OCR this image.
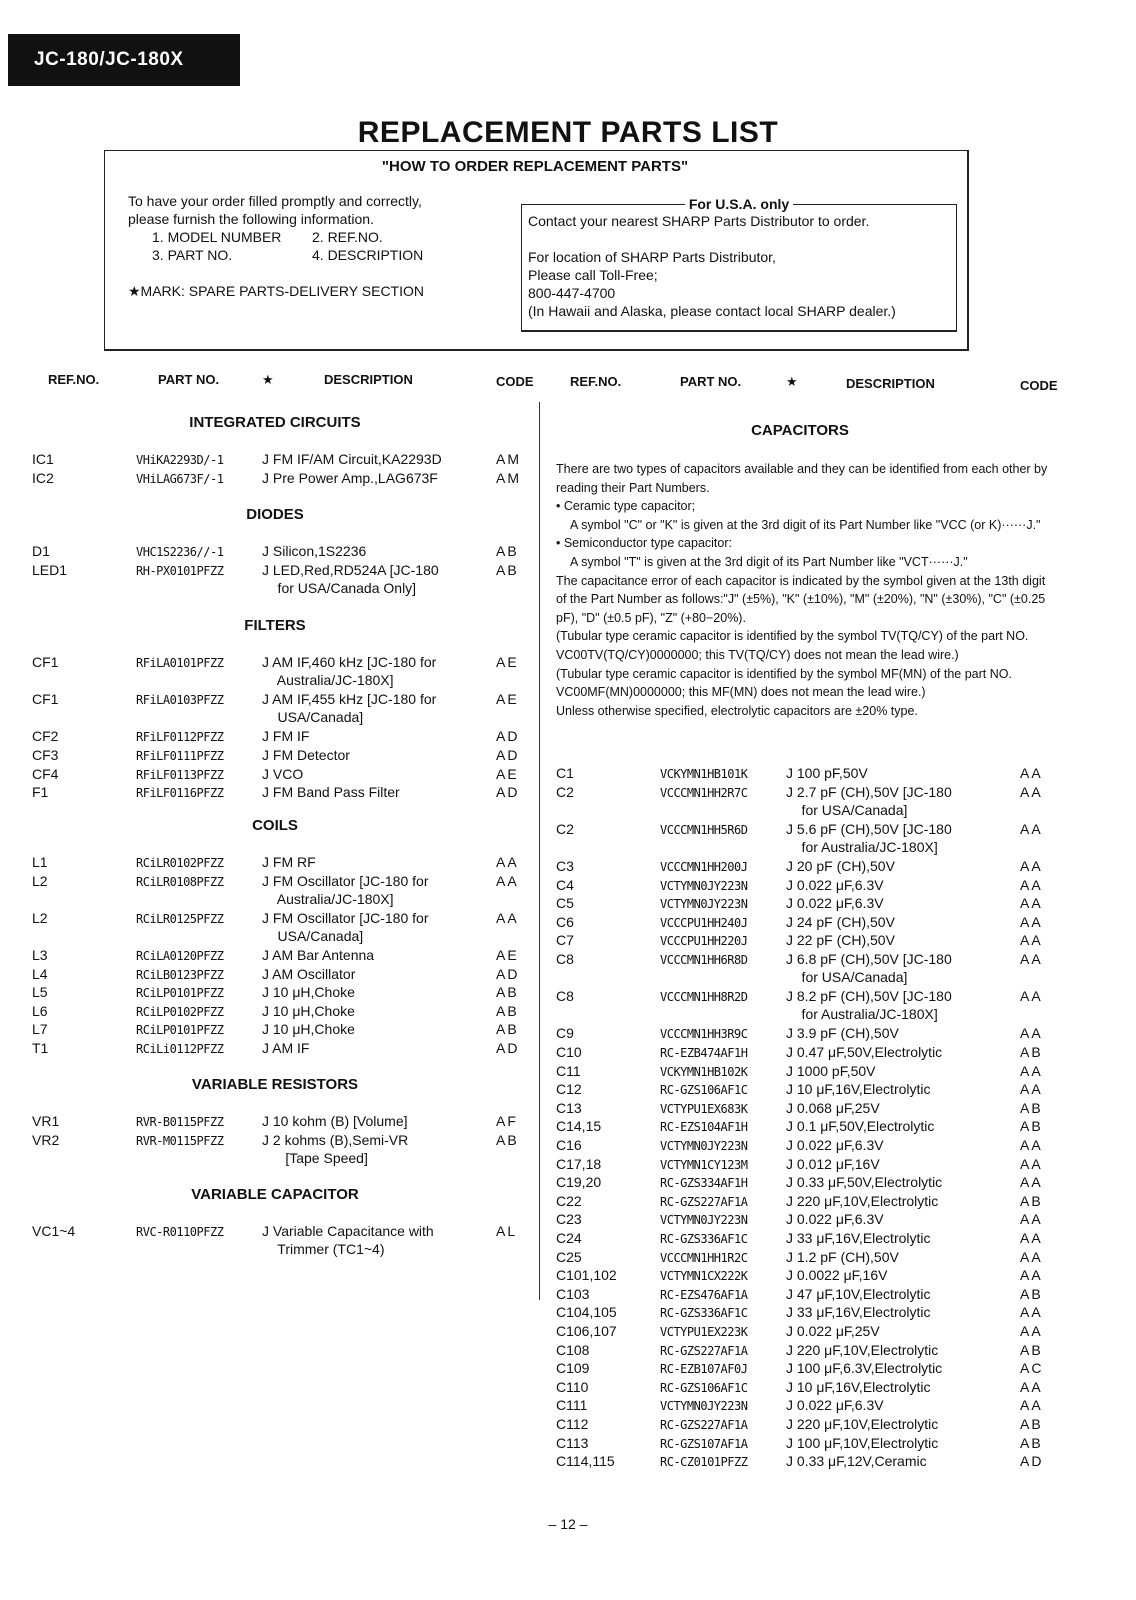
JC-180/JC-180X
REPLACEMENT PARTS LIST
"HOW TO ORDER REPLACEMENT PARTS"
To have your order filled promptly and correctly,
please furnish the following information.
1. MODEL NUMBER 2. REF.NO.
3. PART NO.	4. DESCRIPTION
★MARK: SPARE PARTS-DELIVERY SECTION
For U.S.A. only
Contact your nearest SHARP Parts Distributor to order.
For location of SHARP Parts Distributor,
Please call Toll-Free;
800-447-4700
(In Hawaii and Alaska, please contact local SHARP dealer.)
REF.NO.	PART NO.	★	DESCRIPTION	CODE	REF.NO.	PART NO.	★	DESCRIPTION	CODE
INTEGRATED CIRCUITS
IC1	VHiKA2293D/-1	J FM IF/AM Circuit,KA2293D	AM
IC2	VHiLAG673F/-1	J Pre Power Amp.,LAG673F	AM
DIODES
D1	VHC1S2236//-1	J Silicon,1S2236	AB
LED1	RH-PX0101PFZZ	J LED,Red,RD524A [JC-180
for USA/Canada Only]
AB
FILTERS
CF1	RFiLA0101PFZZ	J AM IF,460 kHz [JC-180 for
Australia/JC-180X]
AE
CF1	RFiLA0103PFZZ	J AM IF,455 kHz [JC-180 for
USA/Canada]
AE
CF2	RFiLF0112PFZZ	J FM IF	AD
CF3	RFiLF0111PFZZ	J FM Detector	AD
CF4	RFiLF0113PFZZ	J VCO	AE
F1	RFiLF0116PFZZ	J FM Band Pass Filter	AD
COILS
L1	RCiLR0102PFZZ	J FM RF	AA
L2	RCiLR0108PFZZ	J FM Oscillator [JC-180 for
Australia/JC-180X]
AA
L2	RCiLR0125PFZZ	J FM Oscillator [JC-180 for
USA/Canada]
AA
L3	RCiLA0120PFZZ	J AM Bar Antenna	AE
L4	RCiLB0123PFZZ	J AM Oscillator	AD
L5	RCiLP0101PFZZ	J 10 μH,Choke	AB
L6	RCiLP0102PFZZ	J 10 μH,Choke	AB
L7	RCiLP0101PFZZ	J 10 μH,Choke	AB
T1	RCiLi0112PFZZ	J AM IF	AD
VARIABLE RESISTORS
VR1	RVR-B0115PFZZ	J 10 kohm (B) [Volume]	AF
VR2	RVR-M0115PFZZ	J 2 kohms (B),Semi-VR
[Tape Speed]
AB
VARIABLE CAPACITOR
VC1~4	RVC-R0110PFZZ	J Variable Capacitance with
Trimmer (TC1~4)
AL
CAPACITORS

There are two types of capacitors available and they can be identified from each other by reading their Part Numbers.

• Ceramic type capacitor;

A symbol "C" or "K" is given at the 3rd digit of its Part Number like "VCC (or K)······J."

• Semiconductor type capacitor:

A symbol "T" is given at the 3rd digit of its Part Number like "VCT······J."

The capacitance error of each capacitor is indicated by the symbol given at the 13th digit of the Part Number as follows:"J" (±5%), "K" (±10%), "M" (±20%), "N" (±30%), "C" (±0.25 pF), "D" (±0.5 pF), "Z" (+80−20%).

(Tubular type ceramic capacitor is identified by the symbol TV(TQ/CY) of the part NO. VC00TV(TQ/CY)0000000; this TV(TQ/CY) does not mean the lead wire.)

(Tubular type ceramic capacitor is identified by the symbol MF(MN) of the part NO. VC00MF(MN)0000000; this MF(MN) does not mean the lead wire.)

Unless otherwise specified, electrolytic capacitors are ±20% type.

C1	VCKYMN1HB101K	J 100 pF,50V	AA
C2	VCCCMN1HH2R7C	J 2.7 pF (CH),50V [JC-180
for USA/Canada]
AA
C2	VCCCMN1HH5R6D	J 5.6 pF (CH),50V [JC-180
for Australia/JC-180X]
AA
C3	VCCCMN1HH200J	J 20 pF (CH),50V	AA
C4	VCTYMN0JY223N	J 0.022 μF,6.3V	AA
C5	VCTYMN0JY223N	J 0.022 μF,6.3V	AA
C6	VCCCPU1HH240J	J 24 pF (CH),50V	AA
C7	VCCCPU1HH220J	J 22 pF (CH),50V	AA
C8	VCCCMN1HH6R8D	J 6.8 pF (CH),50V [JC-180
for USA/Canada]
AA
C8	VCCCMN1HH8R2D	J 8.2 pF (CH),50V [JC-180
for Australia/JC-180X]
AA
C9	VCCCMN1HH3R9C	J 3.9 pF (CH),50V	AA
C10	RC-EZB474AF1H	J 0.47 μF,50V,Electrolytic	AB
C11	VCKYMN1HB102K	J 1000 pF,50V	AA
C12	RC-GZS106AF1C	J 10 μF,16V,Electrolytic	AA
C13	VCTYPU1EX683K	J 0.068 μF,25V	AB
C14,15	RC-EZS104AF1H	J 0.1 μF,50V,Electrolytic	AB
C16	VCTYMN0JY223N	J 0.022 μF,6.3V	AA
C17,18	VCTYMN1CY123M	J 0.012 μF,16V	AA
C19,20	RC-GZS334AF1H	J 0.33 μF,50V,Electrolytic	AA
C22	RC-GZS227AF1A	J 220 μF,10V,Electrolytic	AB
C23	VCTYMN0JY223N	J 0.022 μF,6.3V	AA
C24	RC-GZS336AF1C	J 33 μF,16V,Electrolytic	AA
C25	VCCCMN1HH1R2C	J 1.2 pF (CH),50V	AA
C101,102	VCTYMN1CX222K	J 0.0022 μF,16V	AA
C103	RC-EZS476AF1A	J 47 μF,10V,Electrolytic	AB
C104,105	RC-GZS336AF1C	J 33 μF,16V,Electrolytic	AA
C106,107	VCTYPU1EX223K	J 0.022 μF,25V	AA
C108	RC-GZS227AF1A	J 220 μF,10V,Electrolytic	AB
C109	RC-EZB107AF0J	J 100 μF,6.3V,Electrolytic	AC
C110	RC-GZS106AF1C	J 10 μF,16V,Electrolytic	AA
C111	VCTYMN0JY223N	J 0.022 μF,6.3V	AA
C112	RC-GZS227AF1A	J 220 μF,10V,Electrolytic	AB
C113	RC-GZS107AF1A	J 100 μF,10V,Electrolytic	AB
C114,115	RC-CZ0101PFZZ	J 0.33 μF,12V,Ceramic	AD
– 12 –
